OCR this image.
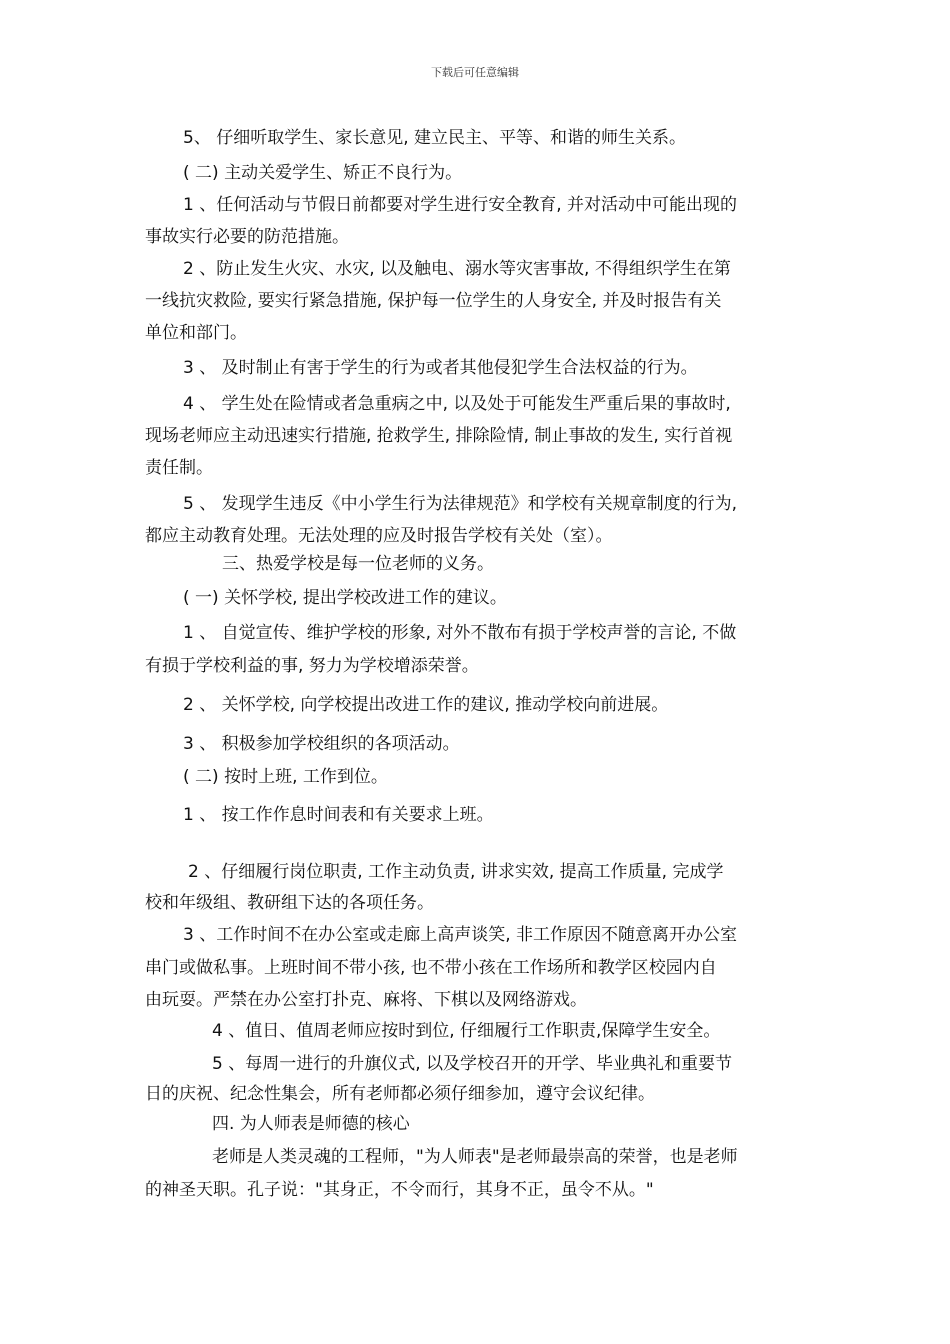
下载后可任意编辑
5、 仔细听取学生、家长意见, 建立民主、平等、和谐的师生关系。
( 二) 主动关爱学生、矫正不良行为。
1 、任何活动与节假日前都要对学生进行安全教育, 并对活动中可能出现的
事故实行必要的防范措施。
2 、防止发生火灾、水灾, 以及触电、溺水等灾害事故, 不得组织学生在第
一线抗灾救险, 要实行紧急措施, 保护每一位学生的人身安全, 并及时报告有关
单位和部门。
3 、 及时制止有害于学生的行为或者其他侵犯学生合法权益的行为。
4 、 学生处在险情或者急重病之中, 以及处于可能发生严重后果的事故时,
现场老师应主动迅速实行措施, 抢救学生, 排除险情, 制止事故的发生, 实行首视
责任制。
5 、 发现学生违反《中小学生行为法律规范》和学校有关规章制度的行为,
都应主动教育处理。无法处理的应及时报告学校有关处（室）。
三、热爱学校是每一位老师的义务。
( 一) 关怀学校, 提出学校改进工作的建议。
1 、 自觉宣传、维护学校的形象, 对外不散布有损于学校声誉的言论, 不做
有损于学校利益的事, 努力为学校增添荣誉。
2 、 关怀学校, 向学校提出改进工作的建议, 推动学校向前进展。
3 、 积极参加学校组织的各项活动。
( 二) 按时上班, 工作到位。
1 、 按工作作息时间表和有关要求上班。
2 、仔细履行岗位职责, 工作主动负责, 讲求实效, 提高工作质量, 完成学
校和年级组、教研组下达的各项任务。
3 、工作时间不在办公室或走廊上高声谈笑, 非工作原因不随意离开办公室
串门或做私事。上班时间不带小孩, 也不带小孩在工作场所和教学区校园内自
由玩耍。严禁在办公室打扑克、麻将、下棋以及网络游戏。
4 、值日、值周老师应按时到位, 仔细履行工作职责,保障学生安全。
5 、每周一进行的升旗仪式, 以及学校召开的开学、毕业典礼和重要节
日的庆祝、纪念性集会，所有老师都必须仔细参加，遵守会议纪律。
四. 为人师表是师德的核心
老师是人类灵魂的工程师，"为人师表"是老师最崇高的荣誉，也是老师
的神圣天职。孔子说："其身正，不令而行，其身不正，虽令不从。"
